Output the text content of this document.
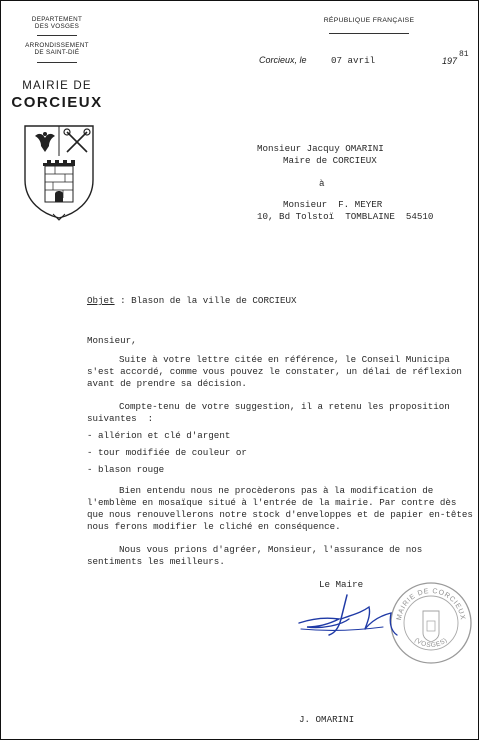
DEPARTEMENT
DES VOSGES
ARRONDISSEMENT
DE SAINT-DIÉ
MAIRIE DE
CORCIEUX
RÉPUBLIQUE FRANÇAISE
Corcieux, le	07 avril	197
81
Monsieur Jacquy OMARINI
Maire de CORCIEUX
à
Monsieur  F. MEYER
10, Bd Tolstoï  TOMBLAINE  54510
Objet : Blason de la ville de CORCIEUX
Monsieur,
Suite à votre lettre citée en référence, le Conseil Municipa
s'est accordé, comme vous pouvez le constater, un délai de réflexion
avant de prendre sa décision.
Compte-tenu de votre suggestion, il a retenu les proposition
suivantes  :
- allérion et clé d'argent
- tour modifiée de couleur or
- blason rouge
Bien entendu nous ne procèderons pas à la modification de
l'emblème en mosaïque situé à l'entrée de la mairie. Par contre dès
que nous renouvellerons notre stock d'enveloppes et de papier en-têtes
nous ferons modifier le cliché en conséquence.
Nous vous prions d'agréer, Monsieur, l'assurance de nos
sentiments les meilleurs.
Le Maire
MAIRIE DE CORCIEUX
(VOSGES)
J. OMARINI
